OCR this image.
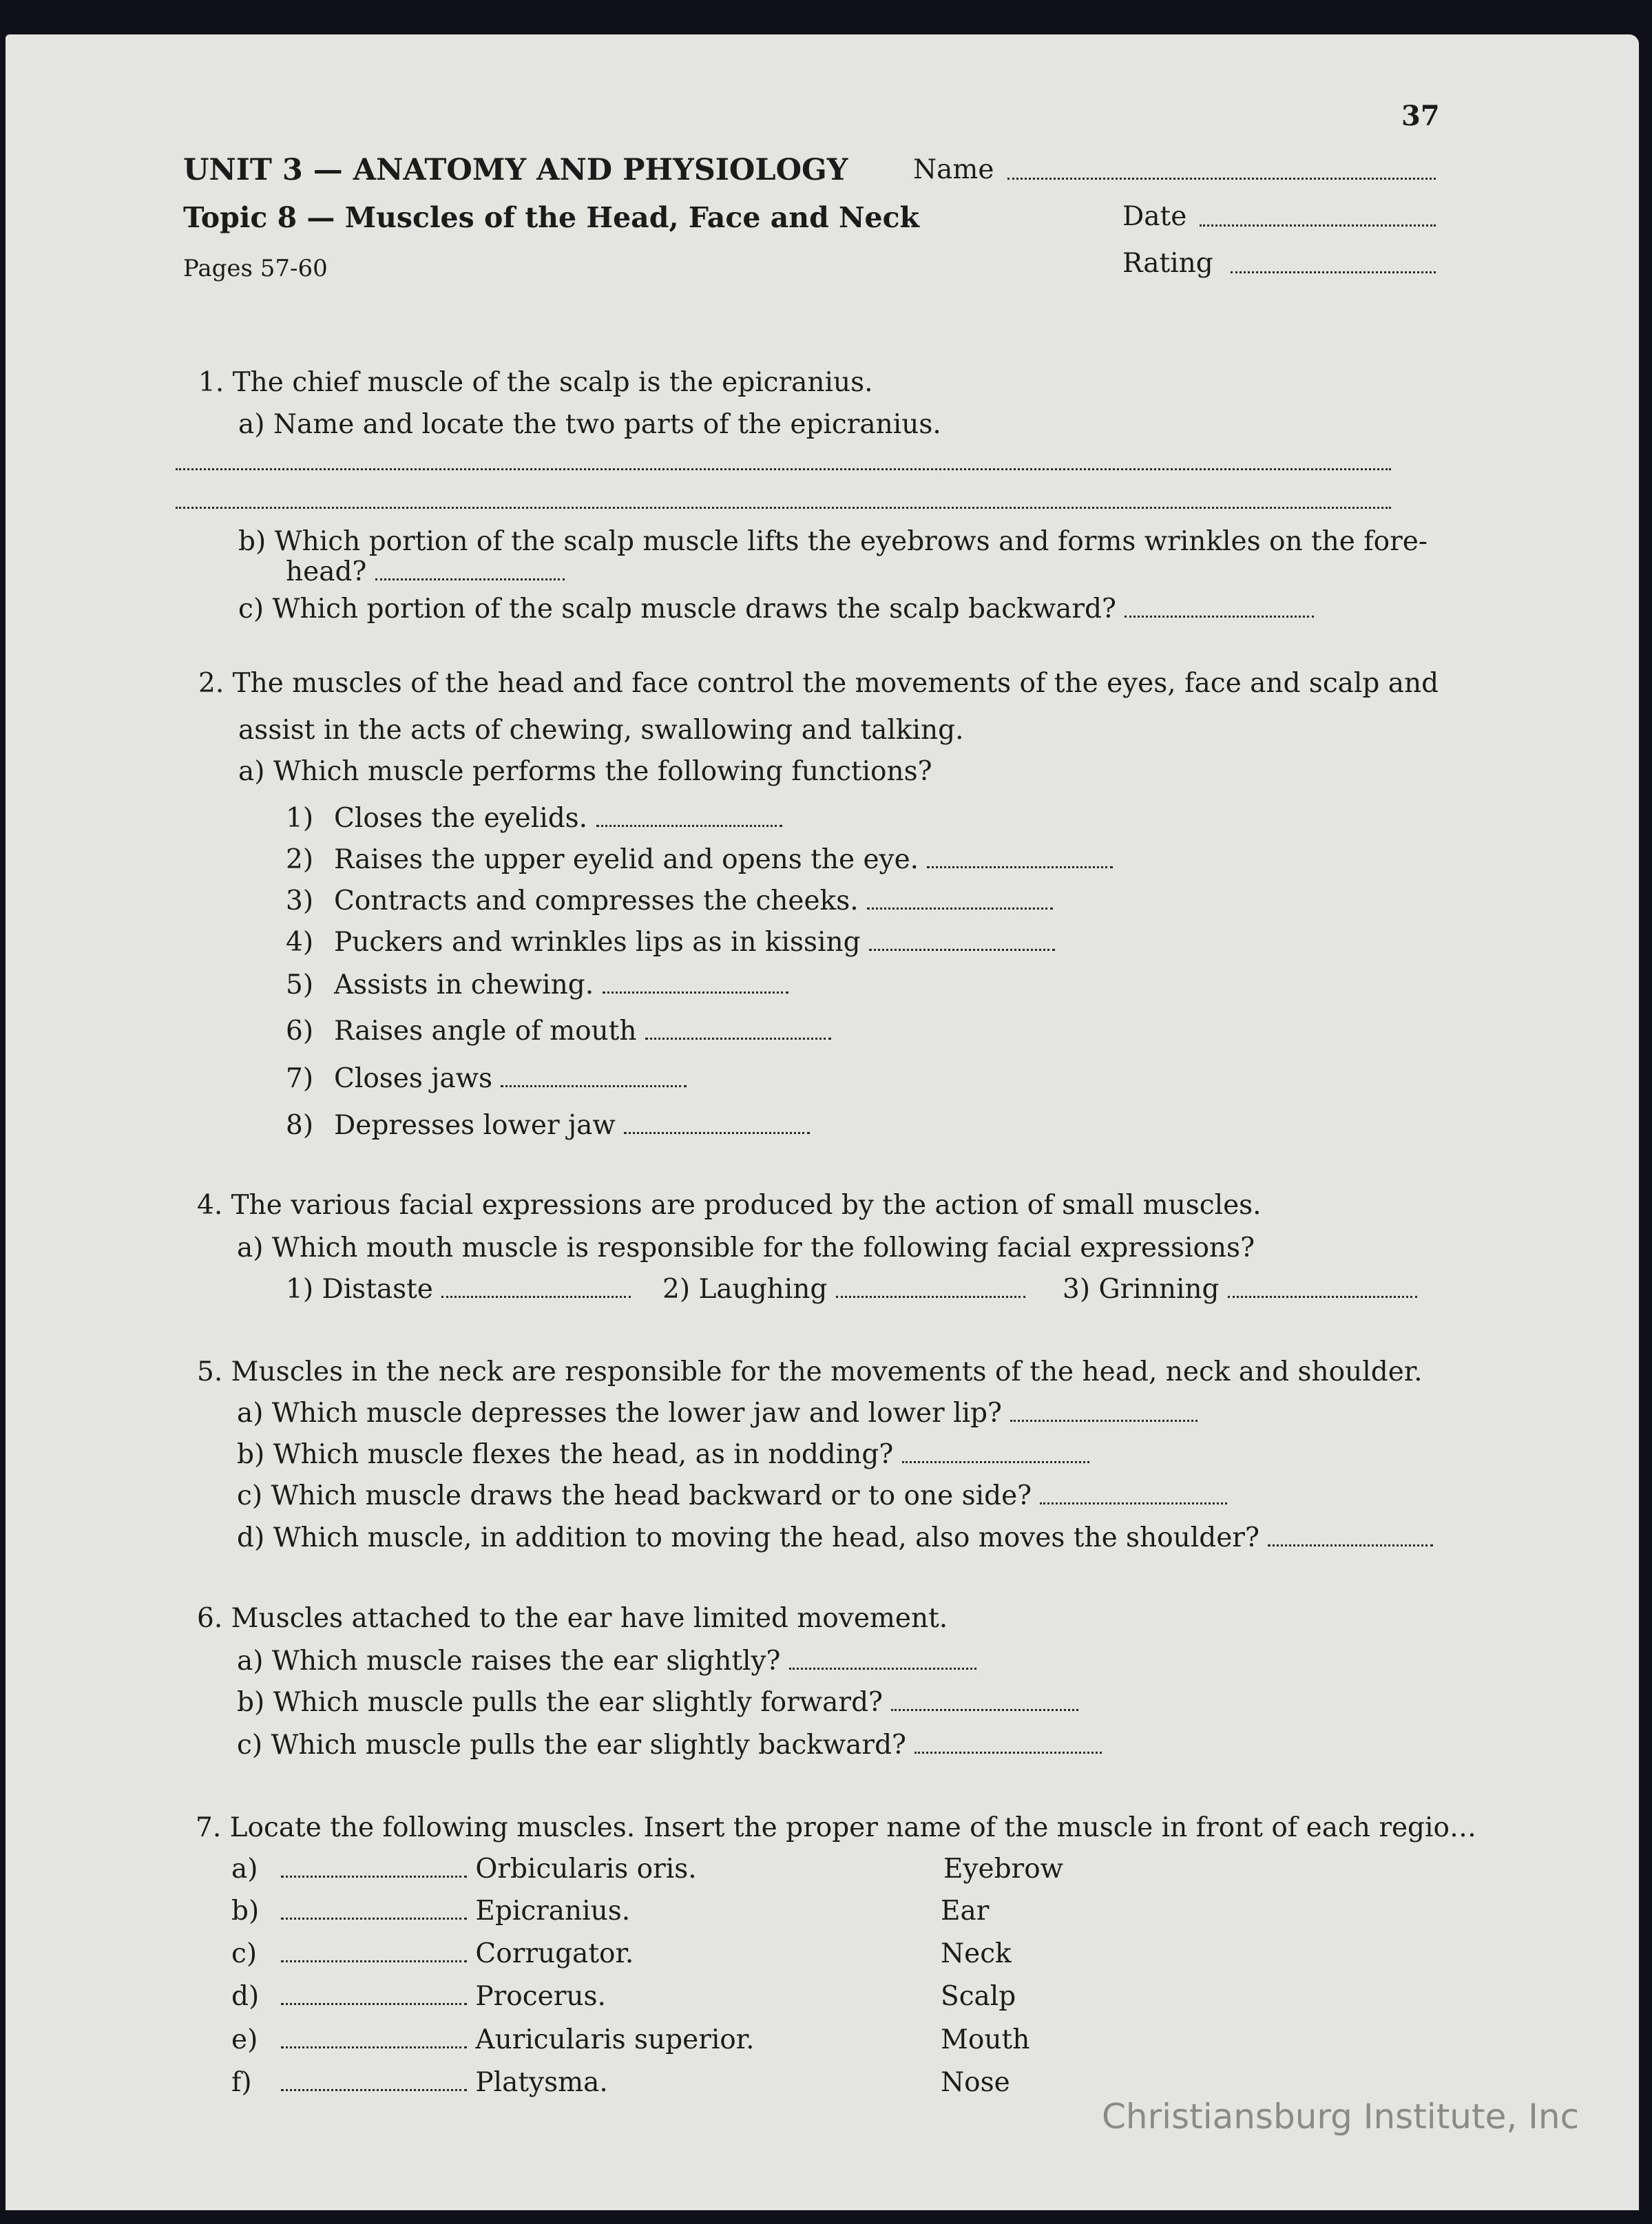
37
UNIT 3 — ANATOMY AND PHYSIOLOGY
Topic 8 — Muscles of the Head, Face and Neck
Pages 57-60
Name
Date
Rating
1. The chief muscle of the scalp is the epicranius.
a) Name and locate the two parts of the epicranius.
b) Which portion of the scalp muscle lifts the eyebrows and forms wrinkles on the fore-
head?
c) Which portion of the scalp muscle draws the scalp backward?
2. The muscles of the head and face control the movements of the eyes, face and scalp and
assist in the acts of chewing, swallowing and talking.
a) Which muscle performs the following functions?
1) Closes the eyelids.
2) Raises the upper eyelid and opens the eye.
3) Contracts and compresses the cheeks.
4) Puckers and wrinkles lips as in kissing
5) Assists in chewing.
6) Raises angle of mouth
7) Closes jaws
8) Depresses lower jaw
4. The various facial expressions are produced by the action of small muscles.
a) Which mouth muscle is responsible for the following facial expressions?
1) Distaste	2) Laughing	3) Grinning
5. Muscles in the neck are responsible for the movements of the head, neck and shoulder.
a) Which muscle depresses the lower jaw and lower lip?
b) Which muscle flexes the head, as in nodding?
c) Which muscle draws the head backward or to one side?
d) Which muscle, in addition to moving the head, also moves the shoulder?
6. Muscles attached to the ear have limited movement.
a) Which muscle raises the ear slightly?
b) Which muscle pulls the ear slightly forward?
c) Which muscle pulls the ear slightly backward?
7. Locate the following muscles. Insert the proper name of the muscle in front of each regio…
a)	Orbicularis oris.	Eyebrow
b)	Epicranius.	Ear
c)	Corrugator.	Neck
d)	Procerus.	Scalp
e)	Auricularis superior.	Mouth
f)	Platysma.	Nose
Christiansburg Institute, Inc
